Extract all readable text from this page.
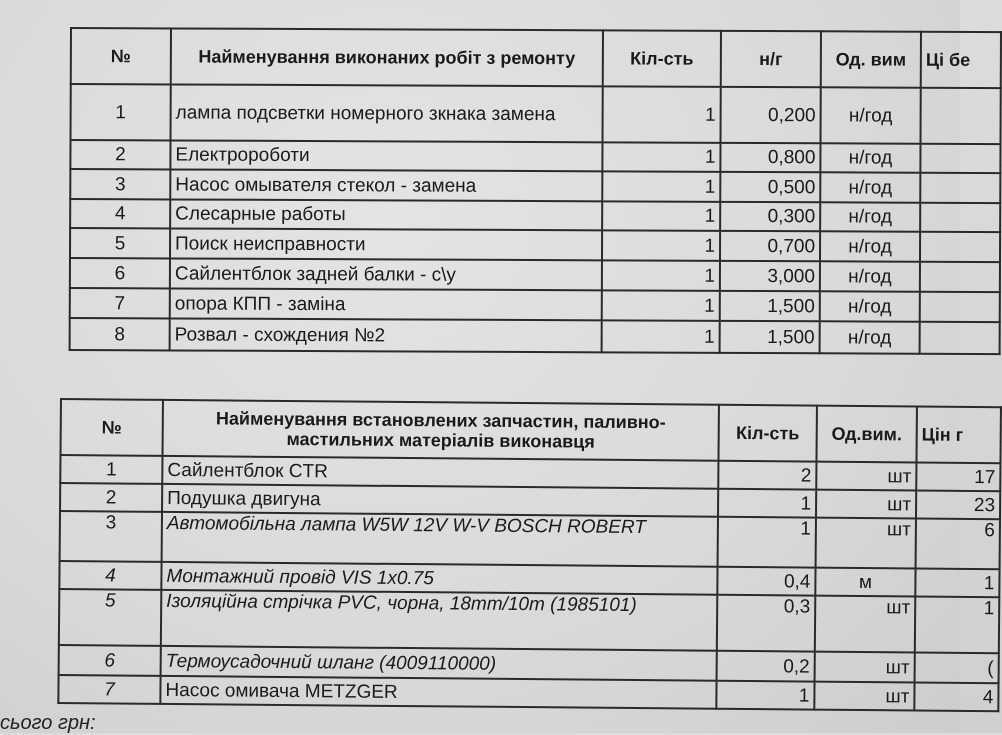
№	Найменування виконаних робіт з ремонту	Кіл-сть	н/г	Од. вим	Ці бе
1	лампа подсветки номерного зкнака замена	1	0,200	н/год	
2	Електророботи	1	0,800	н/год	
3	Насос омывателя стекол - замена	1	0,500	н/год	
4	Слесарные работы	1	0,300	н/год	
5	Поиск неисправности	1	0,700	н/год	
6	Сайлентблок задней балки - с\у	1	3,000	н/год	
7	опора КПП - заміна	1	1,500	н/год	
8	Розвал - схождения №2	1	1,500	н/год	
№	Найменування встановлених запчастин, паливно-мастильних матеріалів виконавця	Кіл-сть	Од.вим.	Цін г
1	Сайлентблок CTR	2	шт	17
2	Подушка двигуна	1	шт	23
3	Автомобільна лампа W5W 12V W-V BOSCH ROBERT	1	шт	6
4	Монтажний провід VIS 1x0.75	0,4	м	1
5	Ізоляційна стрічка PVC, чорна, 18mm/10m (1985101)	0,3	шт	1
6	Термоусадочний шланг (4009110000)	0,2	шт	(
7	Насос омивача METZGER	1	шт	4
сього грн:
